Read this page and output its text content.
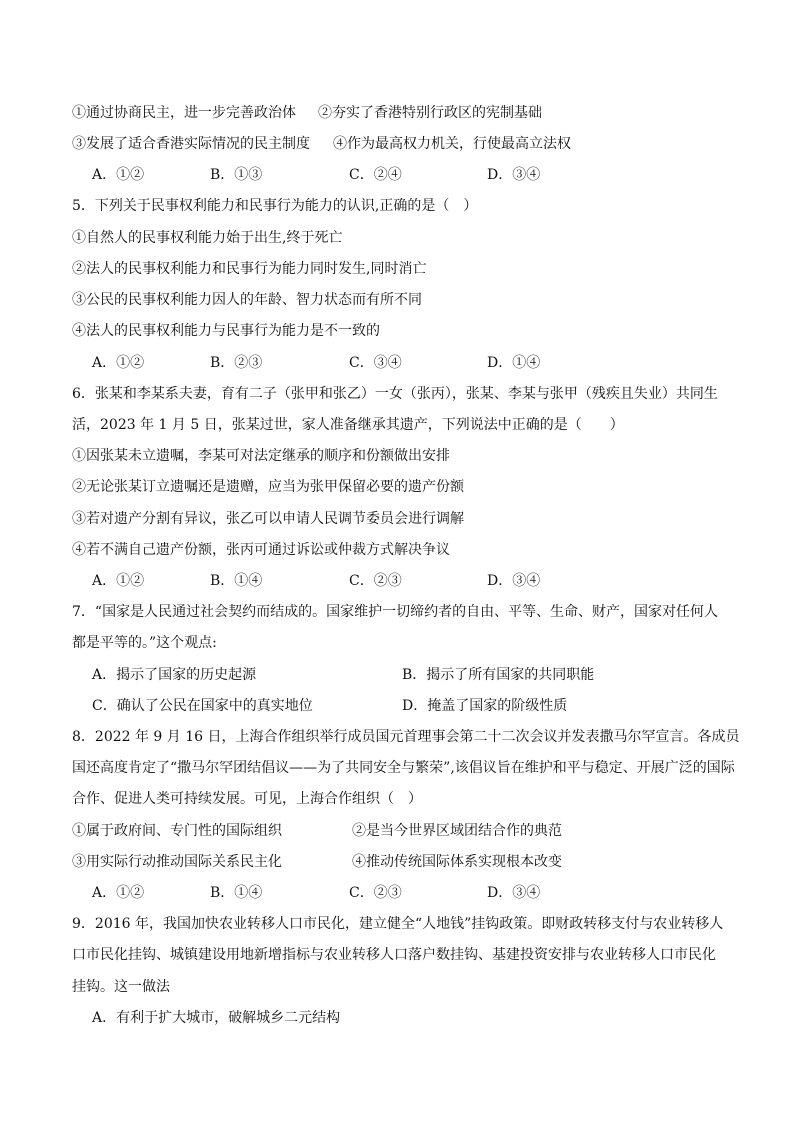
①通过协商民主，进一步完善政治体 ②夯实了香港特别行政区的宪制基础
③发展了适合香港实际情况的民主制度 ④作为最高权力机关，行使最高立法权
A．①②	B．①③	C．②④	D．③④
5．下列关于民事权利能力和民事行为能力的认识,正确的是（　）
①自然人的民事权利能力始于出生,终于死亡
②法人的民事权利能力和民事行为能力同时发生,同时消亡
③公民的民事权利能力因人的年龄、智力状态而有所不同
④法人的民事权利能力与民事行为能力是不一致的
A．①②	B．②③	C．③④	D．①④
6．张某和李某系夫妻，育有二子（张甲和张乙）一女（张丙），张某、李某与张甲（残疾且失业）共同生
活，2023 年 1 月 5 日，张某过世，家人准备继承其遗产，下列说法中正确的是（　　）
①因张某未立遗嘱，李某可对法定继承的顺序和份额做出安排
②无论张某订立遗嘱还是遗赠，应当为张甲保留必要的遗产份额
③若对遗产分割有异议，张乙可以申请人民调节委员会进行调解
④若不满自己遗产份额，张丙可通过诉讼或仲裁方式解决争议
A．①②	B．①④	C．②③	D．③④
7．“国家是人民通过社会契约而结成的。国家维护一切缔约者的自由、平等、生命、财产，国家对任何人
都是平等的。”这个观点:
A．揭示了国家的历史起源	B．揭示了所有国家的共同职能
C．确认了公民在国家中的真实地位	D．掩盖了国家的阶级性质
8．2022 年 9 月 16 日，上海合作组织举行成员国元首理事会第二十二次会议并发表撒马尔罕宣言。各成员
国还高度肯定了“撒马尔罕团结倡议——为了共同安全与繁荣”,该倡议旨在维护和平与稳定、开展广泛的国际
合作、促进人类可持续发展。可见，上海合作组织（　）
①属于政府间、专门性的国际组织	②是当今世界区域团结合作的典范
③用实际行动推动国际关系民主化	④推动传统国际体系实现根本改变
A．①②	B．①④	C．②③	D．③④
9．2016 年，我国加快农业转移人口市民化，建立健全“人地钱”挂钩政策。即财政转移支付与农业转移人
口市民化挂钩、城镇建设用地新增指标与农业转移人口落户数挂钩、基建投资安排与农业转移人口市民化
挂钩。这一做法
A．有利于扩大城市，破解城乡二元结构
